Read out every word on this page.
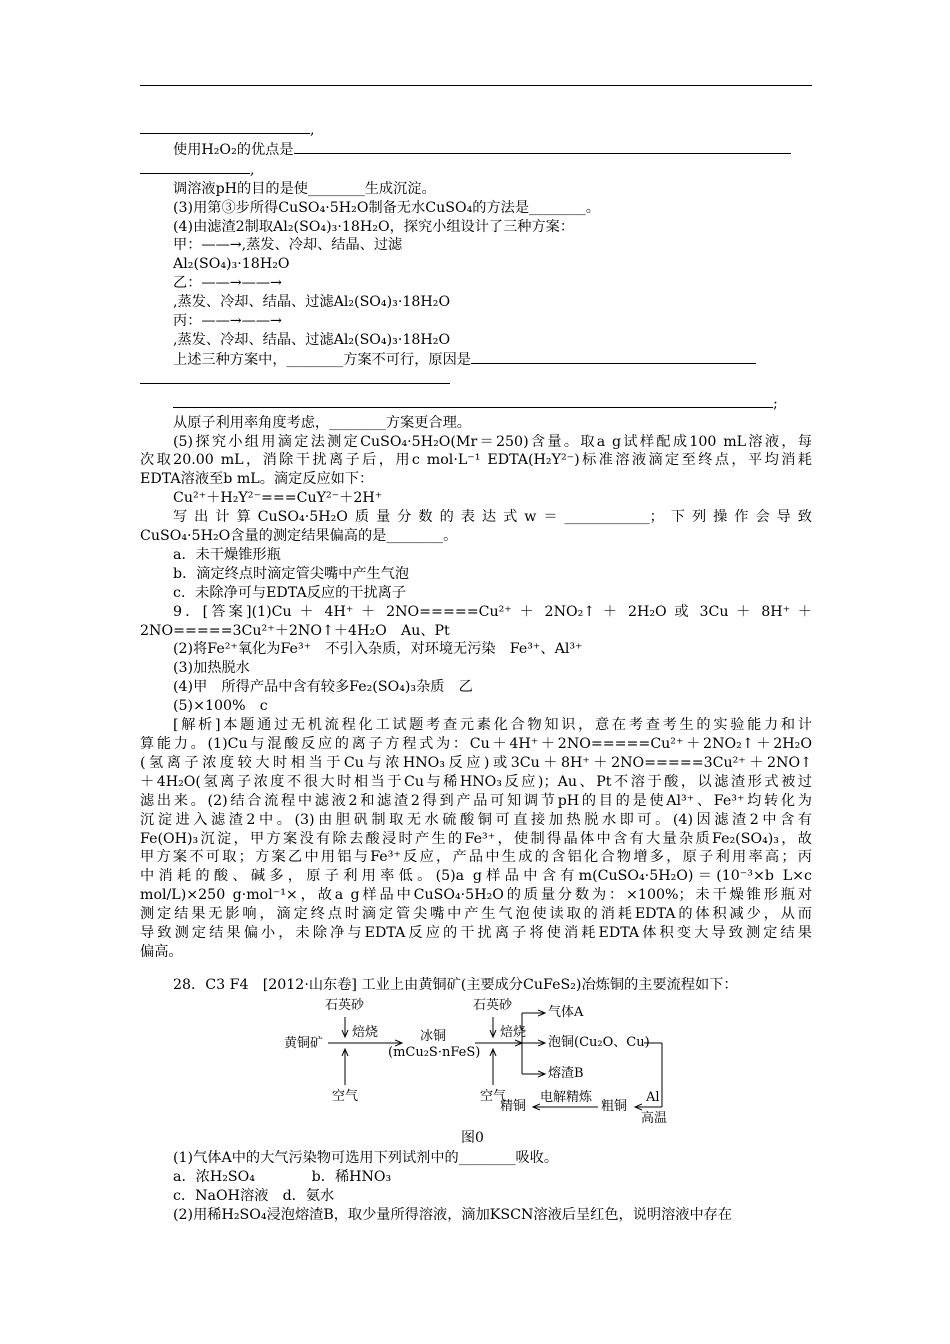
,
使用H₂O₂的优点是
,
调溶液pH的目的是使________生成沉淀。
(3)用第③步所得CuSO₄·5H₂O制备无水CuSO₄的方法是________。
(4)由滤渣2制取Al₂(SO₄)₃·18H₂O，探究小组设计了三种方案：
甲：——→,蒸发、冷却、结晶、过滤
Al₂(SO₄)₃·18H₂O
乙：——→——→
,蒸发、冷却、结晶、过滤Al₂(SO₄)₃·18H₂O
丙：——→——→
,蒸发、冷却、结晶、过滤Al₂(SO₄)₃·18H₂O
上述三种方案中，________方案不可行，原因是
;
从原子利用率角度考虑，________方案更合理。
(5)探究小组用滴定法测定CuSO₄·5H₂O(Mr＝250)含量。取a g试样配成100 mL溶液，每
次取20.00 mL，消除干扰离子后，用c mol·L⁻¹ EDTA(H₂Y²⁻)标准溶液滴定至终点，平均消耗
EDTA溶液至b mL。滴定反应如下：
Cu²⁺＋H₂Y²⁻===CuY²⁻＋2H⁺
写出计算CuSO₄·5H₂O质量分数的表达式w＝____________；下列操作会导致
CuSO₄·5H₂O含量的测定结果偏高的是________。
a．未干燥锥形瓶
b．滴定终点时滴定管尖嘴中产生气泡
c．未除净可与EDTA反应的干扰离子
9．[答案](1)Cu ＋ 4H⁺ ＋ 2NO=====Cu²⁺ ＋ 2NO₂↑ ＋ 2H₂O 或 3Cu ＋ 8H⁺ ＋
2NO=====3Cu²⁺＋2NO↑＋4H₂O　Au、Pt
(2)将Fe²⁺氧化为Fe³⁺　不引入杂质，对环境无污染　Fe³⁺、Al³⁺
(3)加热脱水
(4)甲　所得产品中含有较多Fe₂(SO₄)₃杂质　乙
(5)×100%　c
[解析]本题通过无机流程化工试题考查元素化合物知识，意在考查考生的实验能力和计
算能力。(1)Cu与混酸反应的离子方程式为：Cu＋4H⁺＋2NO=====Cu²⁺＋2NO₂↑＋2H₂O
(氢离子浓度较大时相当于Cu与浓HNO₃反应)或3Cu＋8H⁺＋2NO=====3Cu²⁺＋2NO↑
＋4H₂O(氢离子浓度不很大时相当于Cu与稀HNO₃反应)；Au、Pt不溶于酸，以滤渣形式被过
滤出来。(2)结合流程中滤液2和滤渣2得到产品可知调节pH的目的是使Al³⁺、Fe³⁺均转化为
沉淀进入滤渣2中。(3)由胆矾制取无水硫酸铜可直接加热脱水即可。(4)因滤渣2中含有
Fe(OH)₃沉淀，甲方案没有除去酸浸时产生的Fe³⁺，使制得晶体中含有大量杂质Fe₂(SO₄)₃，故
甲方案不可取；方案乙中用铝与Fe³⁺反应，产品中生成的含铝化合物增多，原子利用率高；丙
中消耗的酸、碱多，原子利用率低。(5)a g样品中含有m(CuSO₄·5H₂O)＝(10⁻³×b L×c
mol/L)×250 g·mol⁻¹×，故a g样品中CuSO₄·5H₂O的质量分数为：×100%；未干燥锥形瓶对
测定结果无影响，滴定终点时滴定管尖嘴中产生气泡使读取的消耗EDTA的体积减少，从而
导致测定结果偏小，未除净与EDTA反应的干扰离子将使消耗EDTA体积变大导致测定结果
偏高。
28．C3 F4　[2012·山东卷] 工业上由黄铜矿(主要成分CuFeS₂)冶炼铜的主要流程如下：
石英砂
黄铜矿
焙烧
空气
冰铜
(mCu₂S·nFeS)
石英砂
焙烧
空气
气体A
泡铜(Cu₂O、Cu)
熔渣B
精铜
电解精炼
粗铜
Al
高温
图0
(1)气体A中的大气污染物可选用下列试剂中的________吸收。
a．浓H₂SO₄　　　　b．稀HNO₃
c．NaOH溶液　d．氨水
(2)用稀H₂SO₄浸泡熔渣B，取少量所得溶液，滴加KSCN溶液后呈红色，说明溶液中存在
